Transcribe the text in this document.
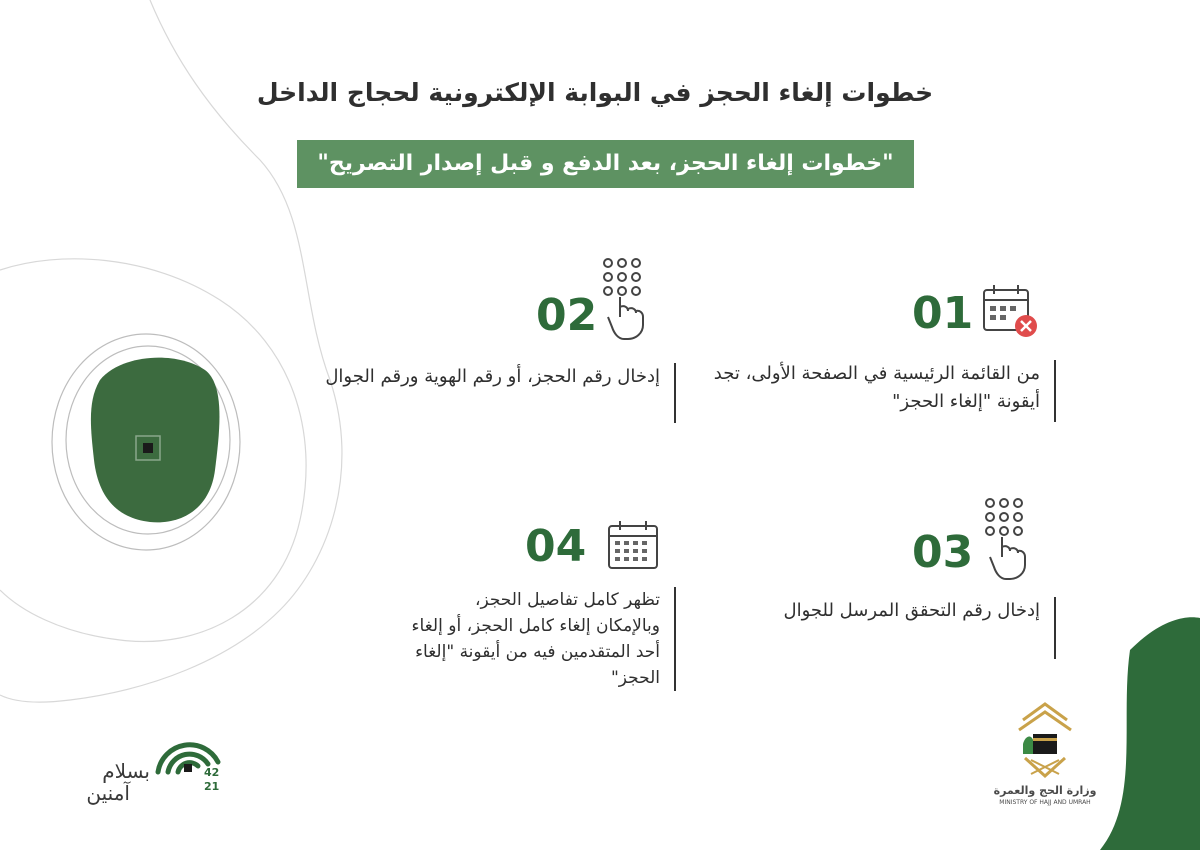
خطوات إلغاء الحجز في البوابة الإلكترونية لحجاج الداخل
"خطوات إلغاء الحجز، بعد الدفع و قبل إصدار التصريح"
01
من القائمة الرئيسية في الصفحة الأولى، تجد أيقونة "إلغاء الحجز"
02
إدخال رقم الحجز، أو رقم الهوية ورقم الجوال
03
إدخال رقم التحقق المرسل للجوال
04
تظهر كامل تفاصيل الحجز، وبالإمكان إلغاء كامل الحجز، أو إلغاء أحد المتقدمين فيه من أيقونة "إلغاء الحجز"
بسلام
آمنين
42
21	وزارة الحج والعمرة
MINISTRY OF HAJJ AND UMRAH
